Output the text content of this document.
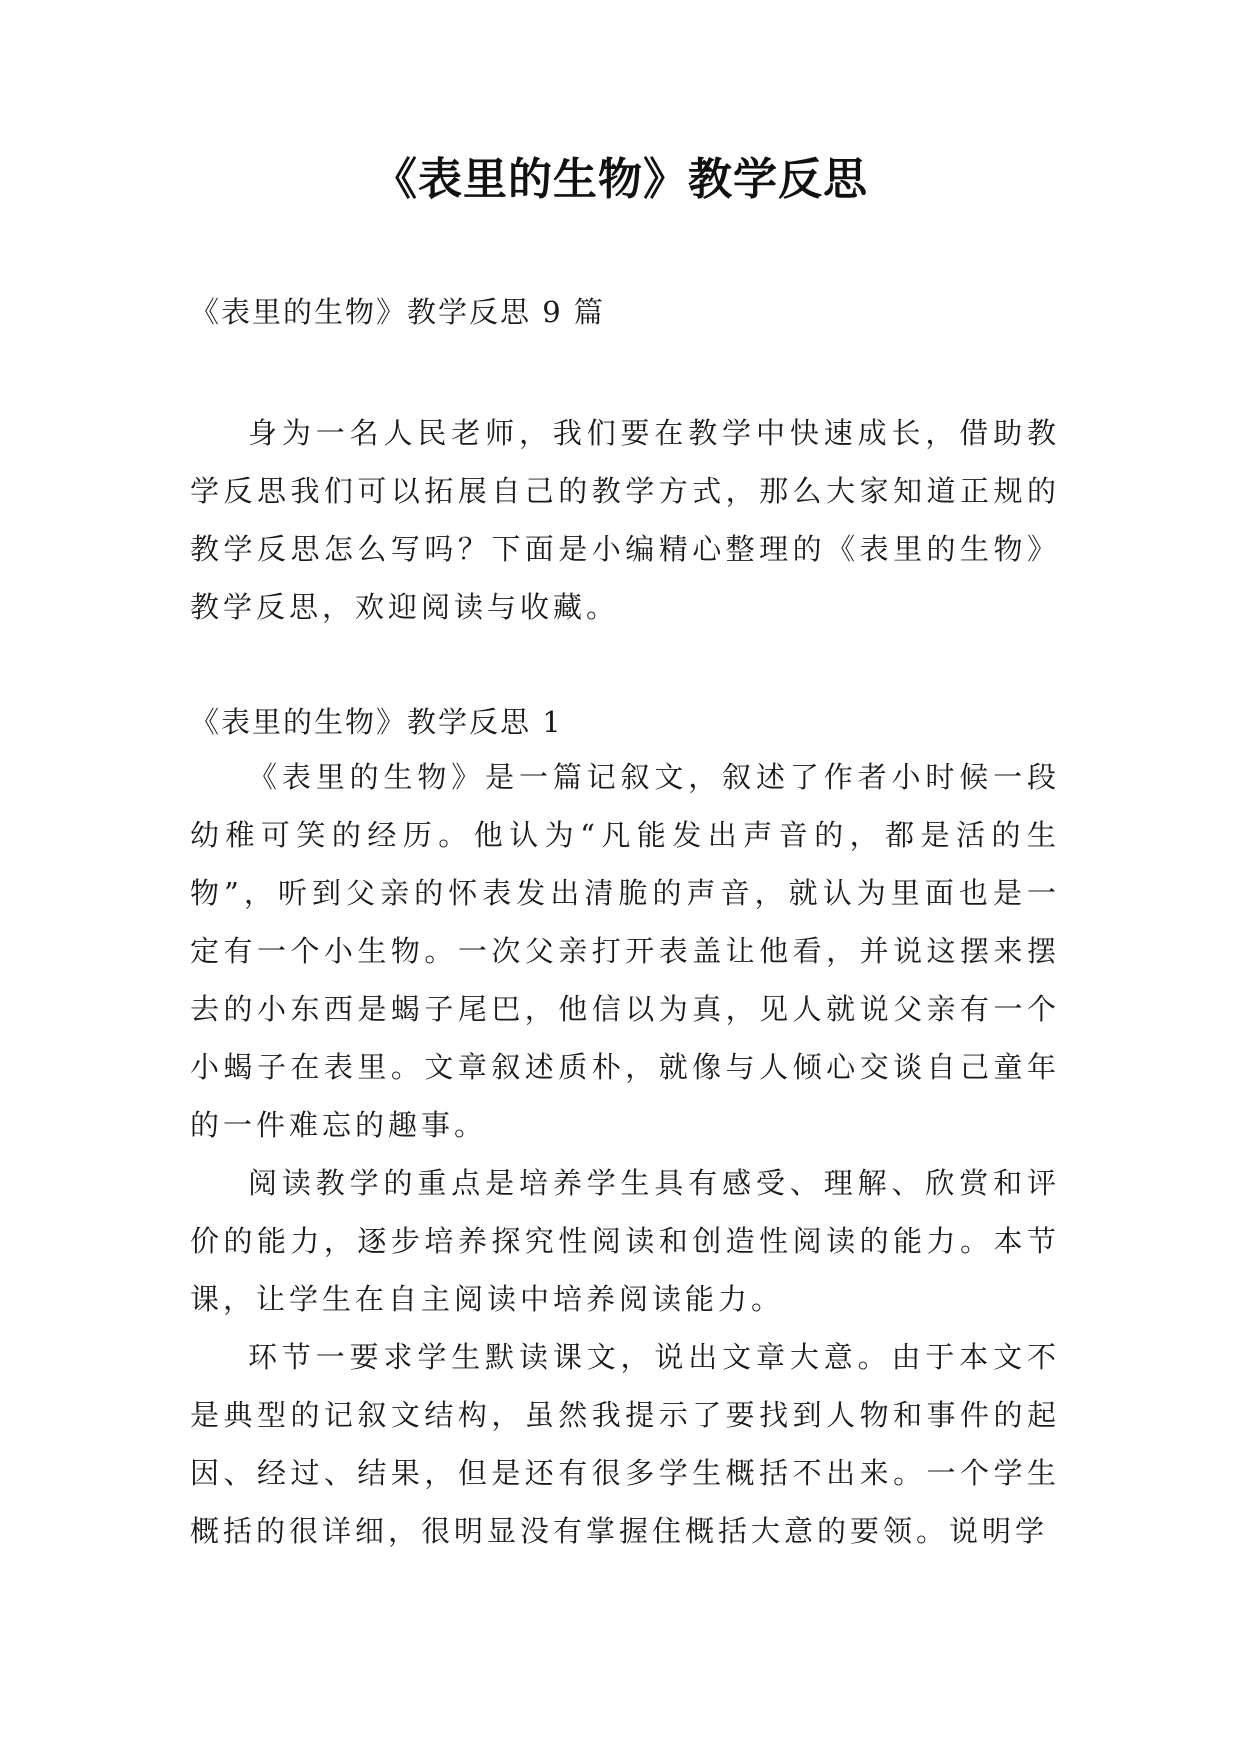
《表里的生物》教学反思
《表里的生物》教学反思 9 篇

身为一名人民老师，我们要在教学中快速成长，借助教学反思我们可以拓展自己的教学方式，那么大家知道正规的教学反思怎么写吗？下面是小编精心整理的《表里的生物》教学反思，欢迎阅读与收藏。

《表里的生物》教学反思 1

《表里的生物》是一篇记叙文，叙述了作者小时候一段幼稚可笑的经历。他认为“凡能发出声音的，都是活的生物”，听到父亲的怀表发出清脆的声音，就认为里面也是一定有一个小生物。一次父亲打开表盖让他看，并说这摆来摆去的小东西是蝎子尾巴，他信以为真，见人就说父亲有一个小蝎子在表里。文章叙述质朴，就像与人倾心交谈自己童年的一件难忘的趣事。

阅读教学的重点是培养学生具有感受、理解、欣赏和评价的能力，逐步培养探究性阅读和创造性阅读的能力。本节课，让学生在自主阅读中培养阅读能力。

环节一要求学生默读课文，说出文章大意。由于本文不是典型的记叙文结构，虽然我提示了要找到人物和事件的起因、经过、结果，但是还有很多学生概括不出来。一个学生概括的很详细，很明显没有掌握住概括大意的要领。说明学
